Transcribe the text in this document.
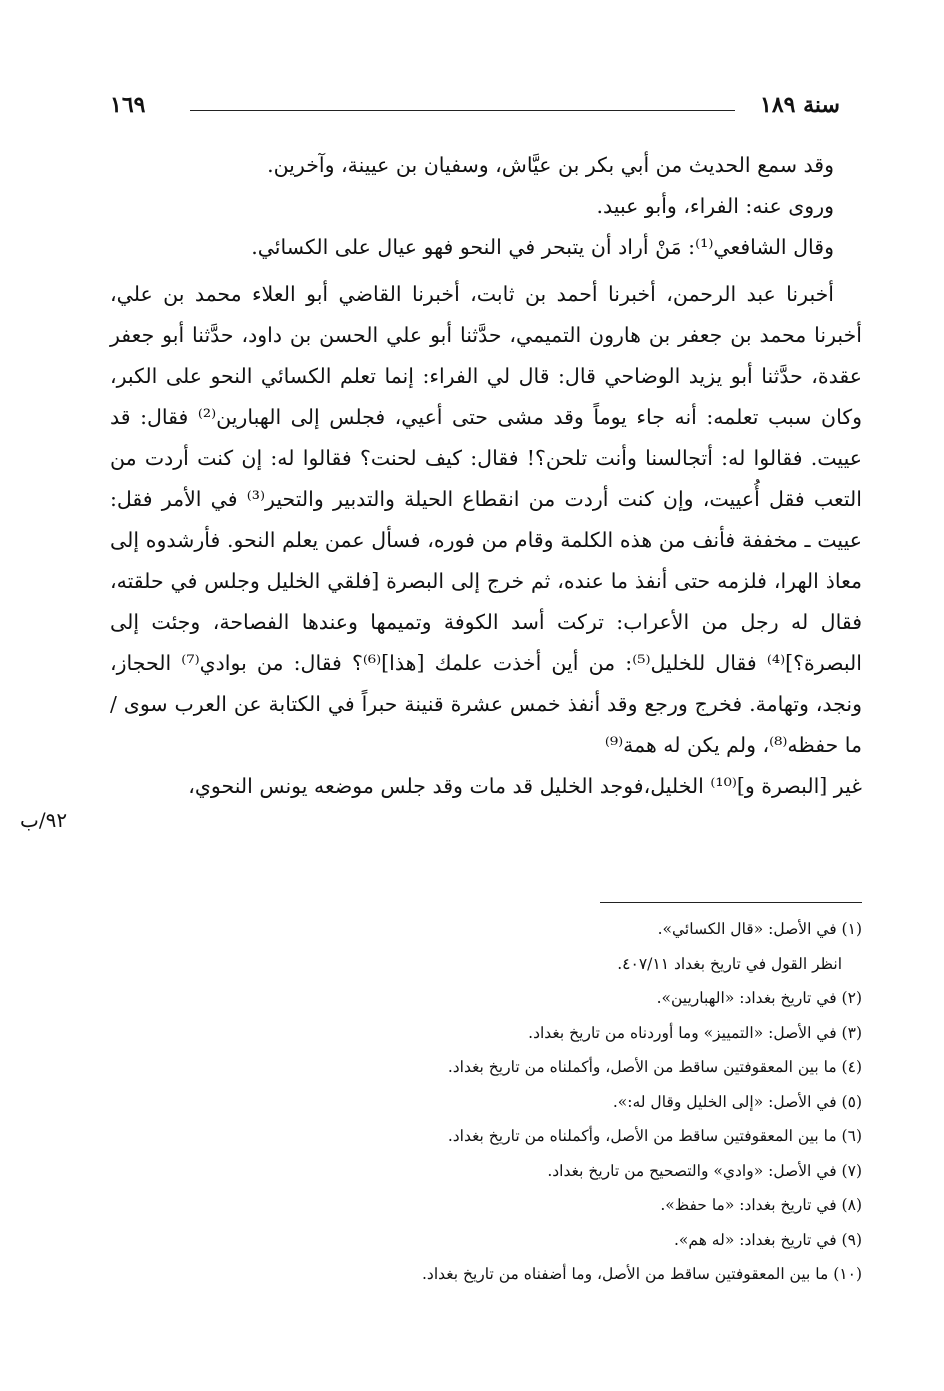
سنة ١٨٩
١٦٩

وقد سمع الحديث من أبي بكر بن عيَّاش، وسفيان بن عيينة، وآخرين.

وروى عنه: الفراء، وأبو عبيد.

وقال الشافعي⁽¹⁾: مَنْ أراد أن يتبحر في النحو فهو عيال على الكسائي.

أخبرنا عبد الرحمن، أخبرنا أحمد بن ثابت، أخبرنا القاضي أبو العلاء محمد بن علي، أخبرنا محمد بن جعفر بن هارون التميمي، حدَّثنا أبو علي الحسن بن داود، حدَّثنا أبو جعفر عقدة، حدَّثنا أبو يزيد الوضاحي قال: قال لي الفراء: إنما تعلم الكسائي النحو على الكبر، وكان سبب تعلمه: أنه جاء يوماً وقد مشى حتى أعيي، فجلس إلى الهبارين⁽²⁾ فقال: قد عييت. فقالوا له: أتجالسنا وأنت تلحن؟! فقال: كيف لحنت؟ فقالوا له: إن كنت أردت من التعب فقل أُعييت، وإن كنت أردت من انقطاع الحيلة والتدبير والتحير⁽³⁾ في الأمر فقل: عييت ـ مخففة فأنف من هذه الكلمة وقام من فوره، فسأل عمن يعلم النحو. فأرشدوه إلى معاذ الهرا، فلزمه حتى أنفذ ما عنده، ثم خرج إلى البصرة [فلقي الخليل وجلس في حلقته، فقال له رجل من الأعراب: تركت أسد الكوفة وتميمها وعندها الفصاحة، وجئت إلى البصرة؟]⁽⁴⁾ فقال للخليل⁽⁵⁾: من أين أخذت علمك [هذا]⁽⁶⁾؟ فقال: من بوادي⁽⁷⁾ الحجاز، ونجد، وتهامة. فخرج ورجع وقد أنفذ خمس عشرة قنينة حبراً في الكتابة عن العرب سوى / ما حفظه⁽⁸⁾، ولم يكن له همة⁽⁹⁾

غير [البصرة و]⁽¹⁰⁾ الخليل،فوجد الخليل قد مات وقد جلس موضعه يونس النحوي،

٩٢/ب
(١) في الأصل: «قال الكسائي».
انظر القول في تاريخ بغداد ٤٠٧/١١.
(٢) في تاريخ بغداد: «الهباريين».
(٣) في الأصل: «التمييز» وما أوردناه من تاريخ بغداد.
(٤) ما بين المعقوفتين ساقط من الأصل، وأكملناه من تاريخ بغداد.
(٥) في الأصل: «إلى الخليل وقال له:».
(٦) ما بين المعقوفتين ساقط من الأصل، وأكملناه من تاريخ بغداد.
(٧) في الأصل: «وادي» والتصحيح من تاريخ بغداد.
(٨) في تاريخ بغداد: «ما حفظ».
(٩) في تاريخ بغداد: «له هم».
(١٠) ما بين المعقوفتين ساقط من الأصل، وما أضفناه من تاريخ بغداد.
